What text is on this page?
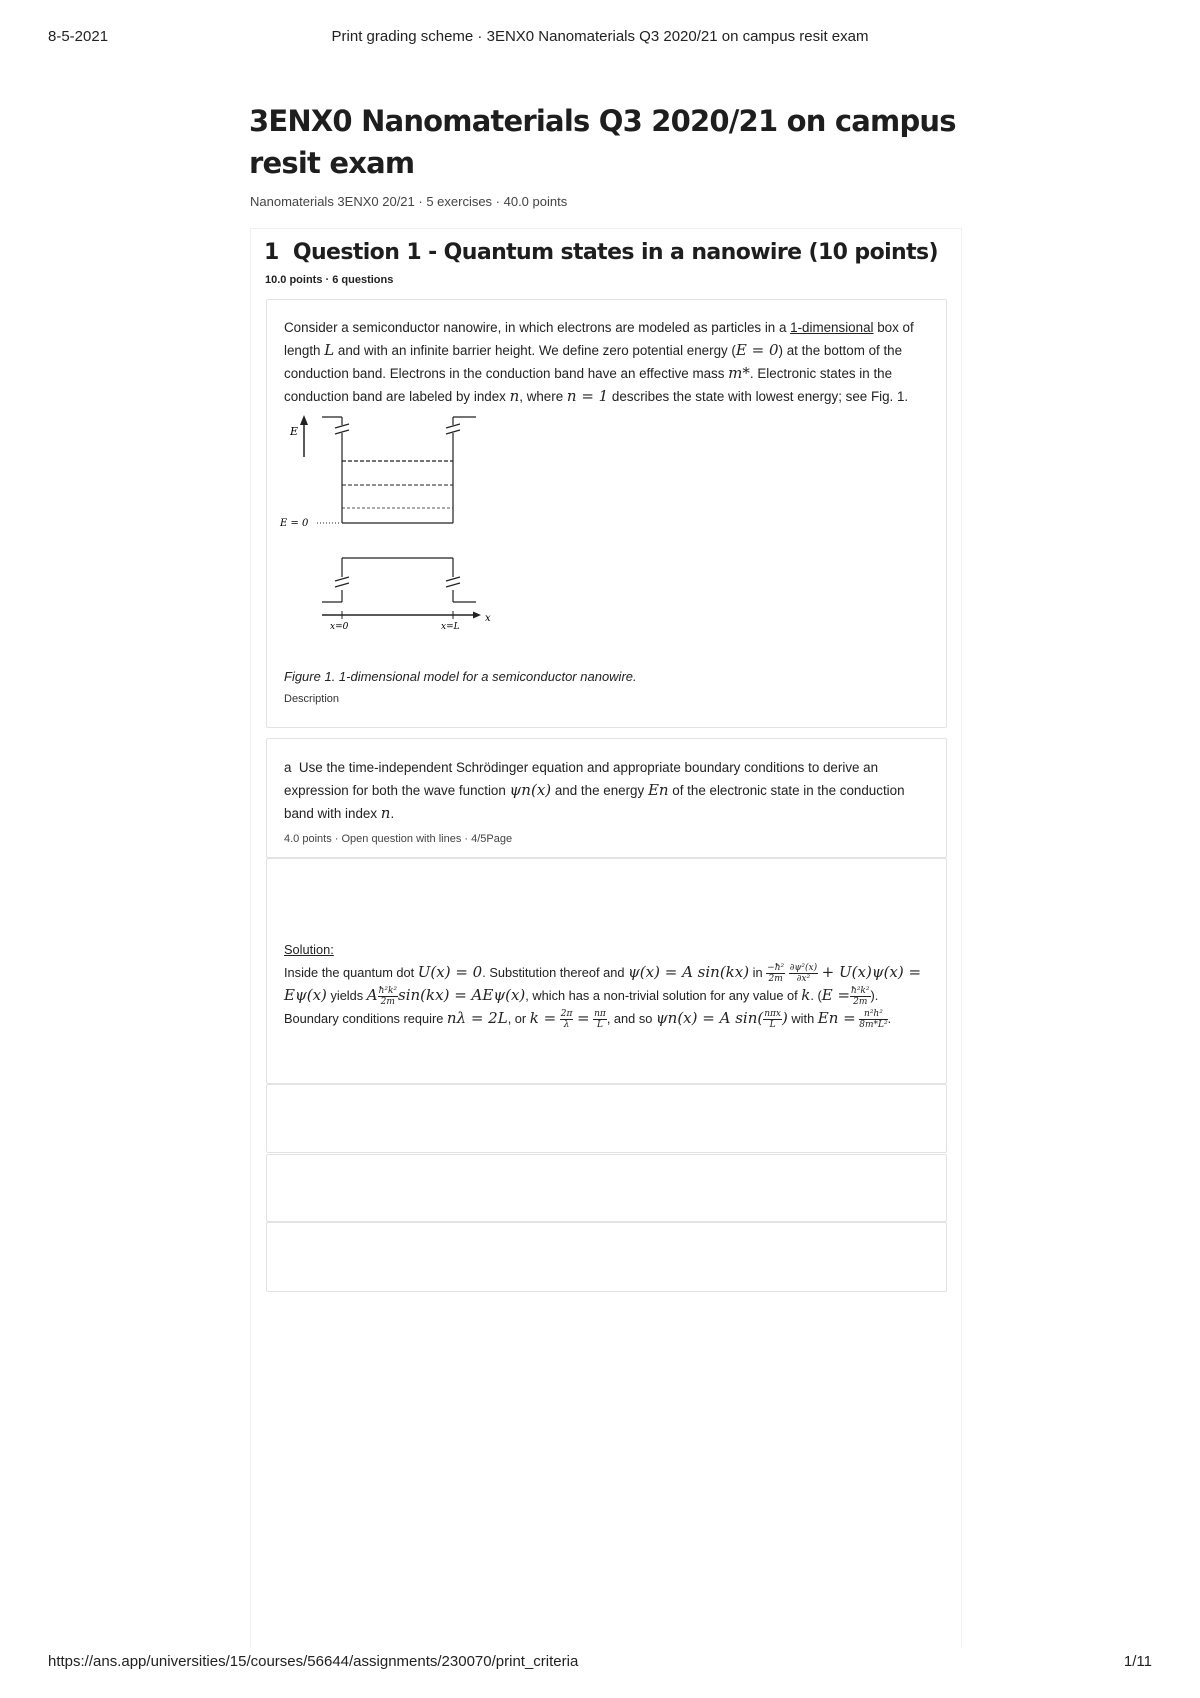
8-5-2021	Print grading scheme · 3ENX0 Nanomaterials Q3 2020/21 on campus resit exam
3ENX0 Nanomaterials Q3 2020/21 on campus resit exam
Nanomaterials 3ENX0 20/21 · 5 exercises · 40.0 points
1 Question 1 - Quantum states in a nanowire (10 points)
10.0 points · 6 questions

Consider a semiconductor nanowire, in which electrons are modeled as particles in a 1-dimensional box of length L and with an infinite barrier height. We define zero potential energy (E = 0) at the bottom of the conduction band. Electrons in the conduction band have an effective mass m*. Electronic states in the conduction band are labeled by index n, where n = 1 describes the state with lowest energy; see Fig. 1.

E
E = 0
x=0	x=L
x
Figure 1. 1-dimensional model for a semiconductor nanowire.
Description

a Use the time-independent Schrödinger equation and appropriate boundary conditions to derive an expression for both the wave function ψn(x) and the energy En of the electronic state in the conduction band with index n.

4.0 points · Open question with lines · 4/5Page
Solution:
Inside the quantum dot U(x) = 0. Substitution thereof and ψ(x) = A sin(kx) in $\frac{\text{−ħ²}}{2m}$
$\frac{\text{∂ψ²(x)}}{\text{∂x²}} + U(x)\psi(x) = E\psi(x)$ yields A $\frac{\text{ħ²k²}}{2m} \sin(kx) = AE\psi(x)$, which has a non-trivial solution for any value of k. ($E = \frac{\text{ħ²k²}}{2m}$ ). Boundary conditions require nλ = 2L, or $k = \frac{2\pi}{\lambda} = \frac{n\pi}{L}$ , and so ψn(x) = A $\sin( \frac{\text{nπx}}{L}$ ) with $En = \frac{\text{n²h²}}{\text{8m*L²}}$ .
https://ans.app/universities/15/courses/56644/assignments/230070/print_criteria	1/11
